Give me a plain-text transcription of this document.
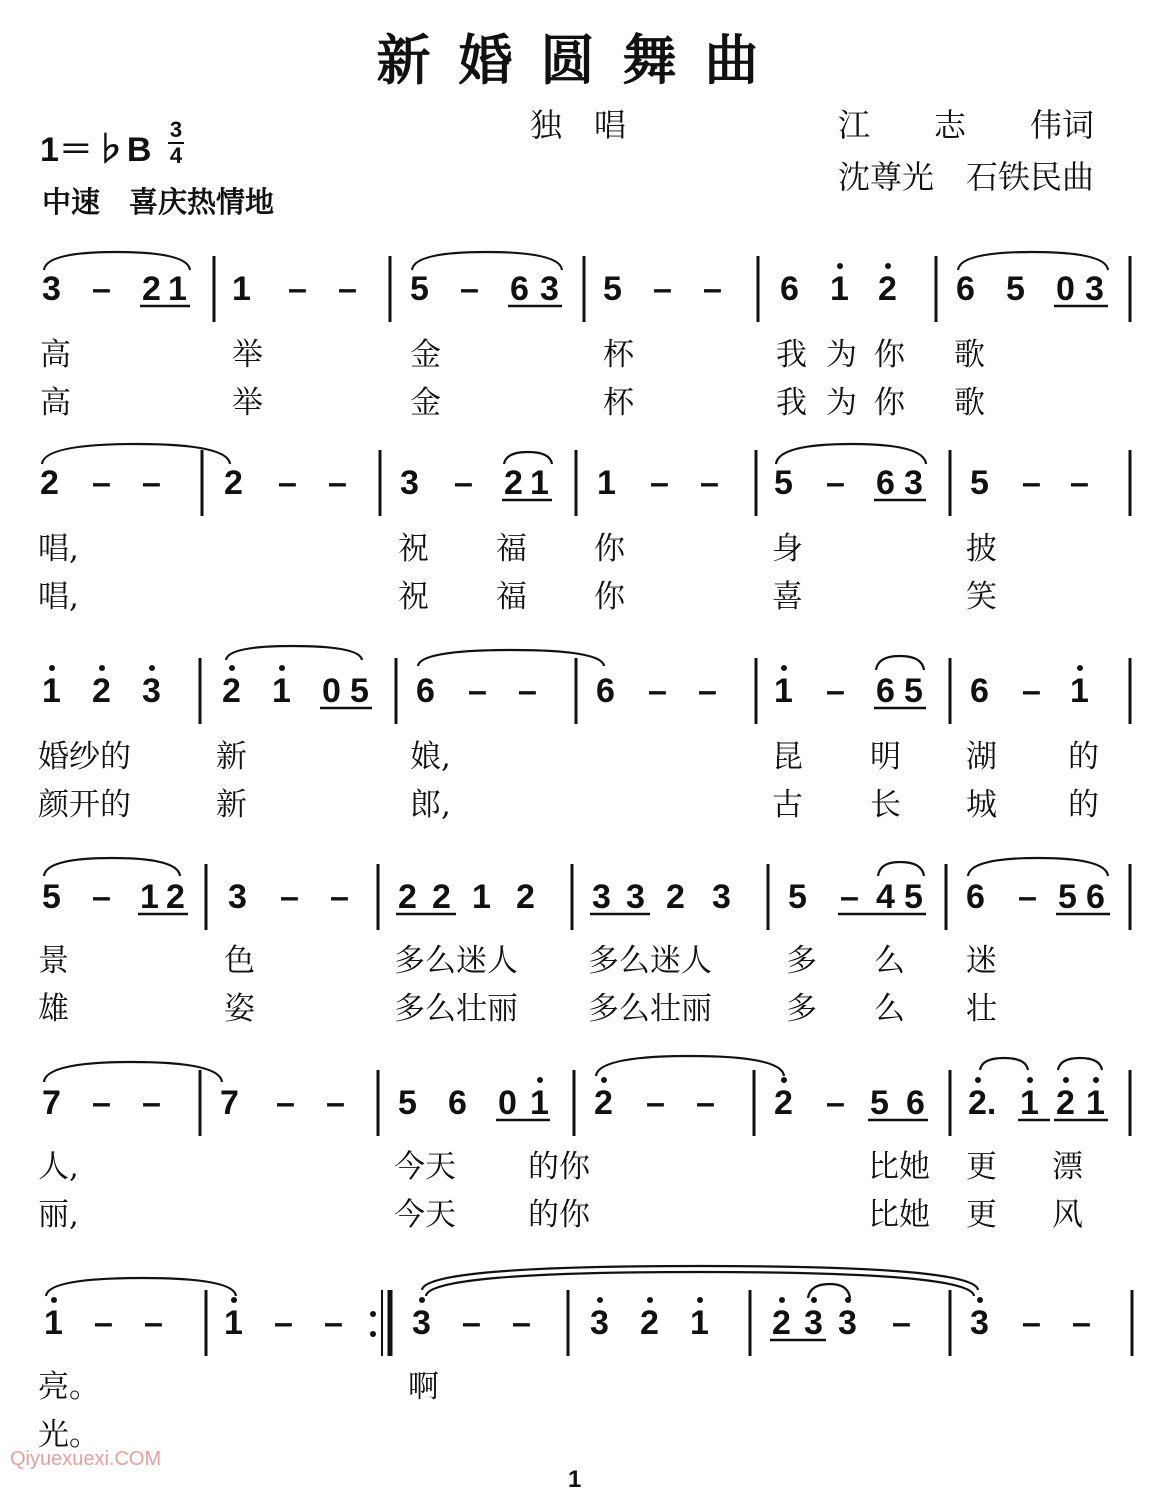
新婚圆舞曲
独　唱	江　　志　　伟词
沈尊光　石铁民曲
1＝♭B
3
4
中速　喜庆热情地
3 – 2 1 1 – – 5 – 6 3 5 – – 6 1 2 6 5 0 3
高	举	金	杯	我 为 你 歌
高	举	金	杯	我 为 你 歌
2 – – 2 – – 3 – 2 1 1 – – 5 – 6 3 5 – –
唱,	祝 福 你	身	披
唱,	祝 福 你	喜	笑
1 2 3 2 1 0 5 6 – – 6 – – 1 – 6 5 6 – 1
婚纱的	新	娘,	昆 明 湖 的
颜开的	新	郎,	古 长 城 的
5 – 1 2 3 – – 2 2 1 2 3 3 2 3 5 – 4 5 6 – 5 6
景	色	多么迷人 多么迷人 多 么 迷
雄	姿	多么壮丽 多么壮丽 多 么 壮
7 – – 7 – – 5 6 0 1 2 – – 2 – 5 6 2. 1 2 1
人,	今天 的你	比她 更 漂
丽,	今天 的你	比她 更 风
1 – – 1 – – 3 – – 3 2 1 2 3 3 – 3 – –
亮。	啊
光。
Qiyuexuexi.COM
1
